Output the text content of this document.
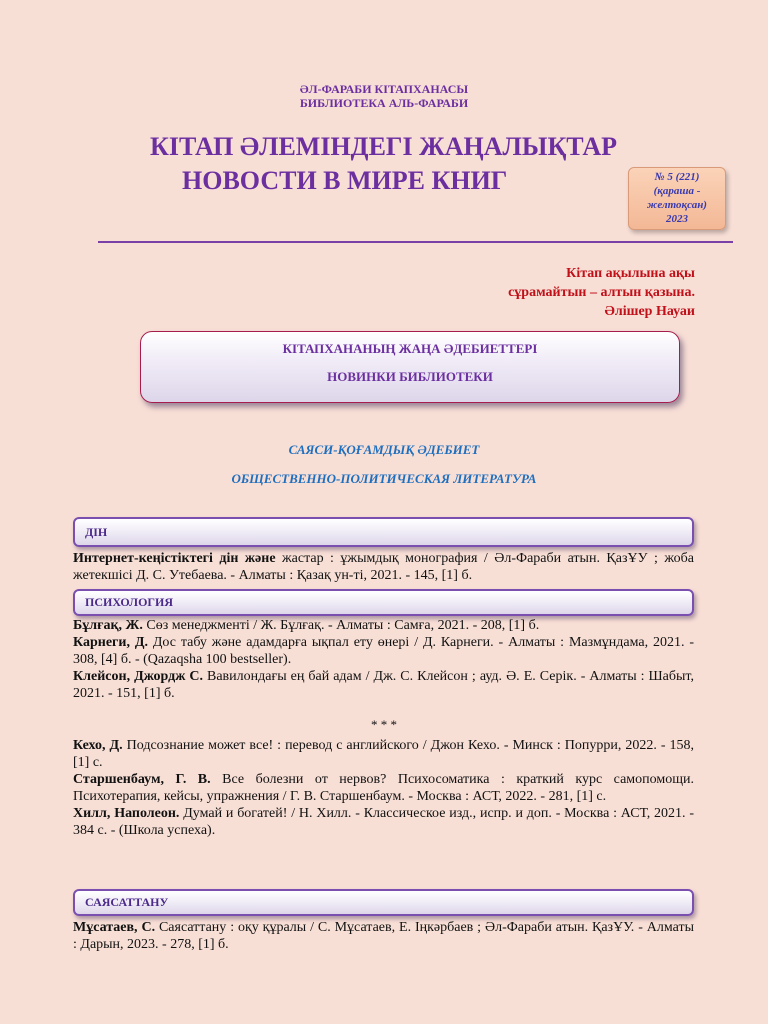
ӘЛ-ФАРАБИ КІТАПХАНАСЫ
БИБЛИОТЕКА АЛЬ-ФАРАБИ
КІТАП ӘЛЕМІНДЕГІ ЖАҢАЛЫҚТАР
НОВОСТИ В МИРЕ КНИГ	№ 5 (221)
(қараша -
желтоқсан)
2023
Кітап ақылына ақы
сұрамайтын – алтын қазына.
Әлішер Науаи
КІТАПХАНАНЫҢ ЖАҢА ӘДЕБИЕТТЕРІ
НОВИНКИ БИБЛИОТЕКИ
САЯСИ-ҚОҒАМДЫҚ ӘДЕБИЕТ
ОБЩЕСТВЕННО-ПОЛИТИЧЕСКАЯ ЛИТЕРАТУРА
ДІН

Интернет-кеңістіктегі дін және жастар : ұжымдық монография / Әл-Фараби атын. ҚазҰУ ; жоба жетекшісі Д. С. Утебаева. - Алматы : Қазақ ун-ті, 2021. - 145, [1] б.

ПСИХОЛОГИЯ

Бұлғақ, Ж. Сөз менеджменті / Ж. Бұлғақ. - Алматы : Самға, 2021. - 208, [1] б.

Карнеги, Д. Дос табу және адамдарға ықпал ету өнері / Д. Карнеги. - Алматы : Мазмұндама, 2021. - 308, [4] б. - (Qazaqsha 100 bestseller).

Клейсон, Джордж С. Вавилондағы ең бай адам / Дж. С. Клейсон ; ауд. Ә. Е. Серік. - Алматы : Шабыт, 2021. - 151, [1] б.

* * *

Кехо, Д. Подсознание может все! : перевод с английского / Джон Кехо. - Минск : Попурри, 2022. - 158, [1] с.

Старшенбаум, Г. В. Все болезни от нервов? Психосоматика : краткий курс самопомощи. Психотерапия, кейсы, упражнения / Г. В. Старшенбаум. - Москва : АСТ, 2022. - 281, [1] с.

Хилл, Наполеон. Думай и богатей! / Н. Хилл. - Классическое изд., испр. и доп. - Москва : АСТ, 2021. - 384 с. - (Школа успеха).

САЯСАТТАНУ

Мұсатаев, С. Саясаттану : оқу құралы / С. Мұсатаев, Е. Іңкәрбаев ; Әл-Фараби атын. ҚазҰУ. - Алматы : Дарын, 2023. - 278, [1] б.
